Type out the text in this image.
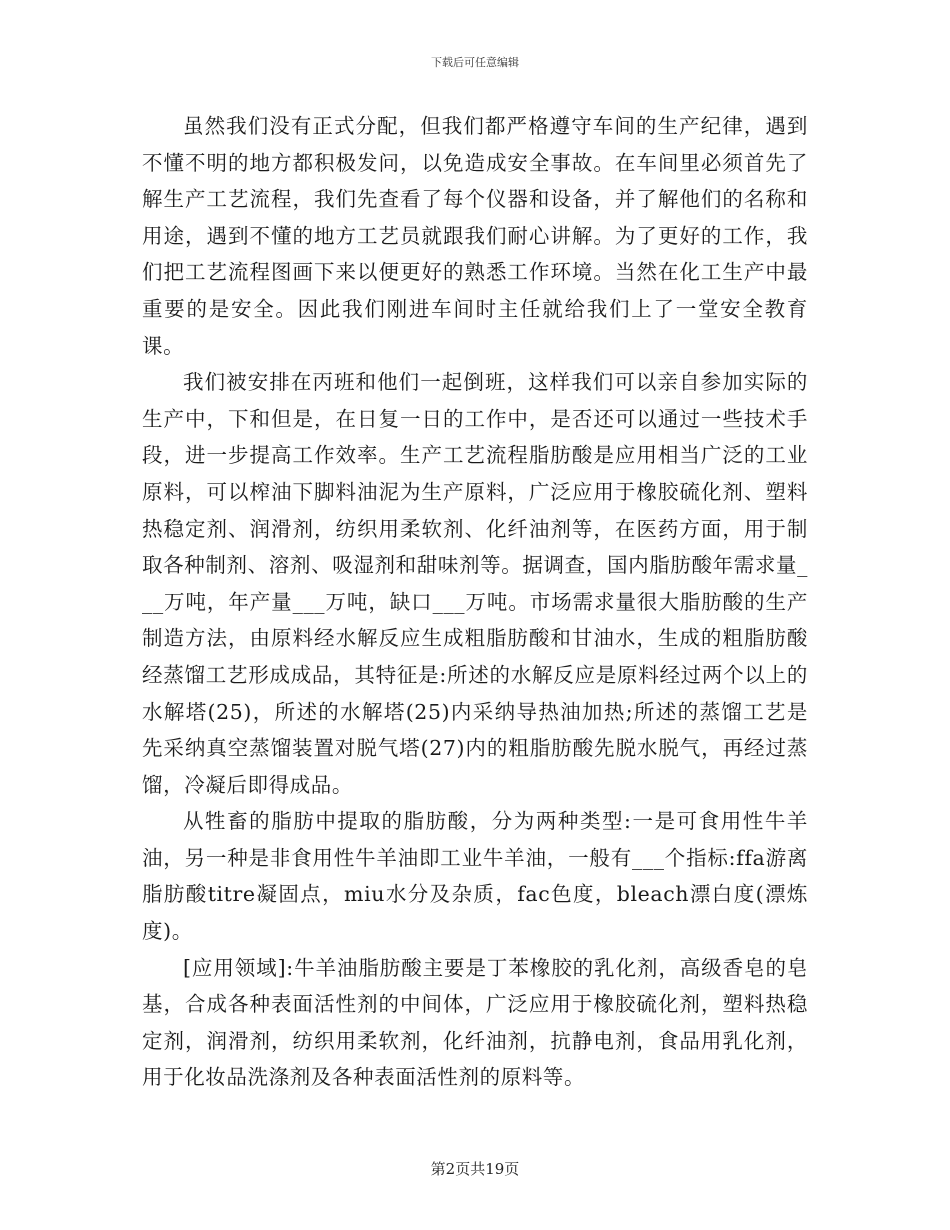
下载后可任意编辑

虽然我们没有正式分配，但我们都严格遵守车间的生产纪律，遇到不懂不明的地方都积极发问，以免造成安全事故。在车间里必须首先了解生产工艺流程，我们先查看了每个仪器和设备，并了解他们的名称和用途，遇到不懂的地方工艺员就跟我们耐心讲解。为了更好的工作，我们把工艺流程图画下来以便更好的熟悉工作环境。当然在化工生产中最重要的是安全。因此我们刚进车间时主任就给我们上了一堂安全教育课。

我们被安排在丙班和他们一起倒班，这样我们可以亲自参加实际的生产中，下和但是，在日复一日的工作中，是否还可以通过一些技术手段，进一步提高工作效率。生产工艺流程脂肪酸是应用相当广泛的工业原料，可以榨油下脚料油泥为生产原料，广泛应用于橡胶硫化剂、塑料热稳定剂、润滑剂，纺织用柔软剂、化纤油剂等，在医药方面，用于制取各种制剂、溶剂、吸湿剂和甜味剂等。据调查，国内脂肪酸年需求量___万吨，年产量___万吨，缺口___万吨。市场需求量很大脂肪酸的生产制造方法，由原料经水解反应生成粗脂肪酸和甘油水，生成的粗脂肪酸经蒸馏工艺形成成品，其特征是:所述的水解反应是原料经过两个以上的水解塔(25)，所述的水解塔(25)内采纳导热油加热;所述的蒸馏工艺是先采纳真空蒸馏装置对脱气塔(27)内的粗脂肪酸先脱水脱气，再经过蒸馏，冷凝后即得成品。

从牲畜的脂肪中提取的脂肪酸，分为两种类型:一是可食用性牛羊油，另一种是非食用性牛羊油即工业牛羊油，一般有___个指标:ffa游离脂肪酸titre凝固点，miu水分及杂质，fac色度，bleach漂白度(漂炼度)。

[应用领域]:牛羊油脂肪酸主要是丁苯橡胶的乳化剂，高级香皂的皂基，合成各种表面活性剂的中间体，广泛应用于橡胶硫化剂，塑料热稳定剂，润滑剂，纺织用柔软剂，化纤油剂，抗静电剂，食品用乳化剂，用于化妆品洗涤剂及各种表面活性剂的原料等。

第2页共19页
